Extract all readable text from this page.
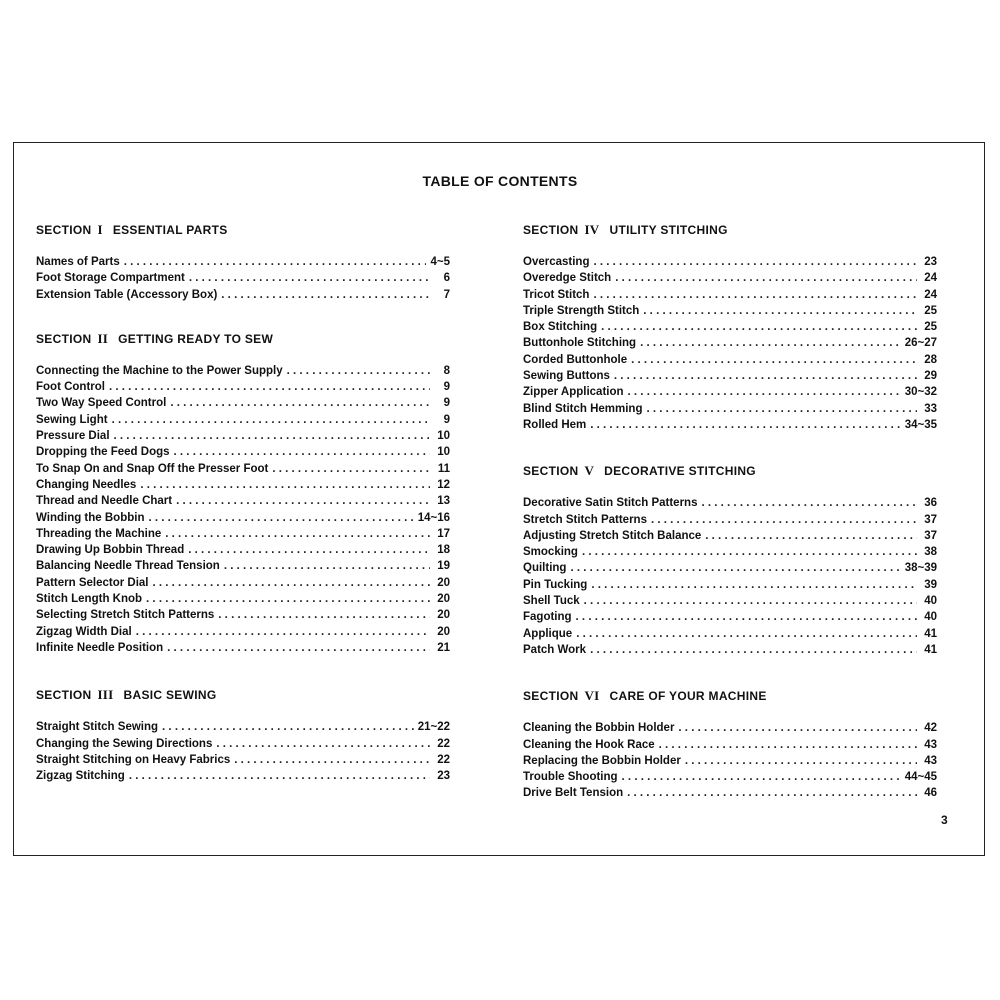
TABLE OF CONTENTS
SECTION I ESSENTIAL PARTS
Names of Parts . . .	4~5
Foot Storage Compartment . . .	6
Extension Table (Accessory Box) . . .	7
SECTION II GETTING READY TO SEW
Connecting the Machine to the Power Supply . . .	8
Foot Control . . .	9
Two Way Speed Control . . .	9
Sewing Light . . .	9
Pressure Dial . . .	10
Dropping the Feed Dogs . . .	10
To Snap On and Snap Off the Presser Foot . . .	11
Changing Needles . . .	12
Thread and Needle Chart . . .	13
Winding the Bobbin . . .	14~16
Threading the Machine . . .	17
Drawing Up Bobbin Thread . . .	18
Balancing Needle Thread Tension . . .	19
Pattern Selector Dial . . .	20
Stitch Length Knob . . .	20
Selecting Stretch Stitch Patterns . . .	20
Zigzag Width Dial . . .	20
Infinite Needle Position . . .	21
SECTION III BASIC SEWING
Straight Stitch Sewing . . .	21~22
Changing the Sewing Directions . . .	22
Straight Stitching on Heavy Fabrics . . .	22
Zigzag Stitching . . .	23
SECTION IV UTILITY STITCHING
Overcasting . . .	23
Overedge Stitch . . .	24
Tricot Stitch . . .	24
Triple Strength Stitch . . .	25
Box Stitching . . .	25
Buttonhole Stitching . . .	26~27
Corded Buttonhole . . .	28
Sewing Buttons . . .	29
Zipper Application . . .	30~32
Blind Stitch Hemming . . .	33
Rolled Hem . . .	34~35
SECTION V DECORATIVE STITCHING
Decorative Satin Stitch Patterns . . .	36
Stretch Stitch Patterns . . .	37
Adjusting Stretch Stitch Balance . . .	37
Smocking . . .	38
Quilting . . .	38~39
Pin Tucking . . .	39
Shell Tuck . . .	40
Fagoting . . .	40
Applique . . .	41
Patch Work . . .	41
SECTION VI CARE OF YOUR MACHINE
Cleaning the Bobbin Holder . . .	42
Cleaning the Hook Race . . .	43
Replacing the Bobbin Holder . . .	43
Trouble Shooting . . .	44~45
Drive Belt Tension . . .	46
3
